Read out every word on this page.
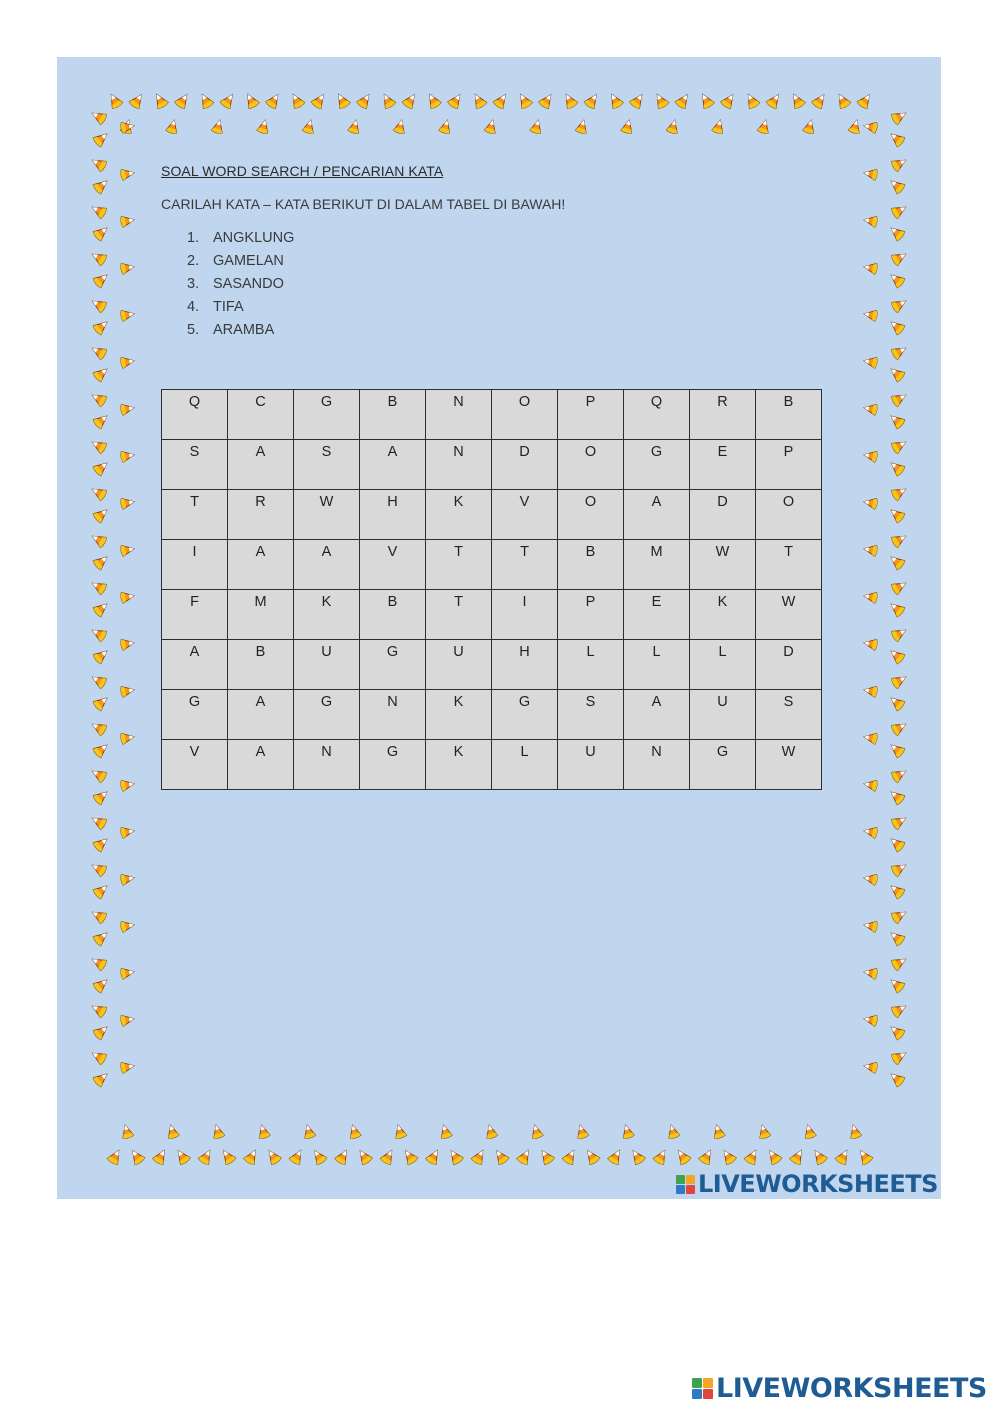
SOAL WORD SEARCH / PENCARIAN KATA
CARILAH KATA – KATA BERIKUT DI DALAM TABEL DI BAWAH!
1. ANGKLUNG
2. GAMELAN
3. SASANDO
4. TIFA
5. ARAMBA
Q	C	G	B	N	O	P	Q	R	B
S	A	S	A	N	D	O	G	E	P
T	R	W	H	K	V	O	A	D	O
I	A	A	V	T	T	B	M	W	T
F	M	K	B	T	I	P	E	K	W
A	B	U	G	U	H	L	L	L	D
G	A	G	N	K	G	S	A	U	S
V	A	N	G	K	L	U	N	G	W
LIVEWORKSHEETS
LIVEWORKSHEETS
